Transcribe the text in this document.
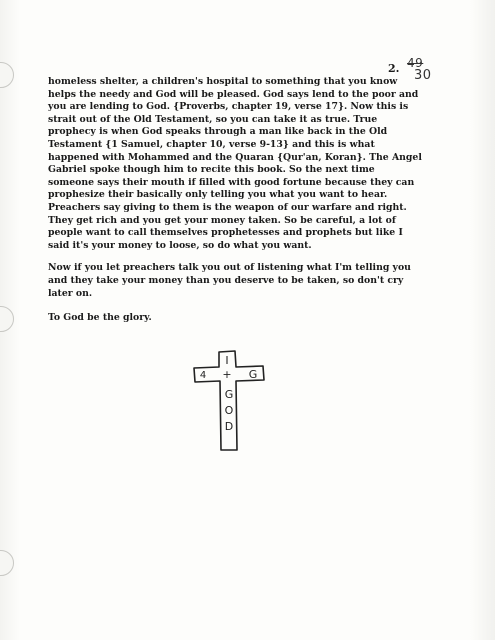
2. 49
30

homeless shelter, a children's hospital to something that you know helps the needy and God will be pleased. God says lend to the poor and you are lending to God. {Proverbs, chapter 19, verse 17}. Now this is strait out of the Old Testament, so you can take it as true. True prophecy is when God speaks through a man like back in the Old Testament {1 Samuel, chapter 10, verse 9-13} and this is what happened with Mohammed and the Quaran {Qur'an, Koran}. The Angel Gabriel spoke though him to recite this book. So the next time someone says their mouth if filled with good fortune because they can prophesize their basically only telling you what you want to hear. Preachers say giving to them is the weapon of our warfare and right. They get rich and you get your money taken. So be careful, a lot of people want to call themselves prophetesses and prophets but like I said it's your money to loose, so do what you want.

Now if you let preachers talk you out of listening what I'm telling you and they take your money than you deserve to be taken, so don't cry later on.

To God be the glory.

I
4 + G
G
O
D
